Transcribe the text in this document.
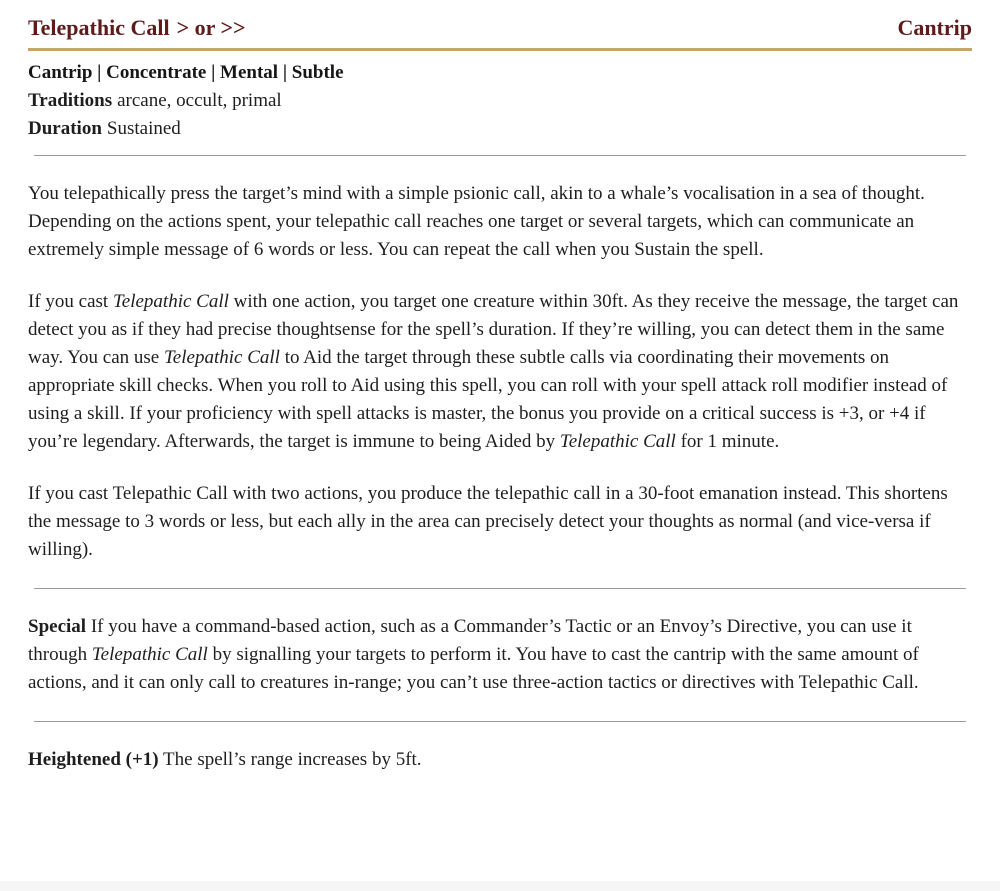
Telepathic Call > or >>	Cantrip
Cantrip | Concentrate | Mental | Subtle
Traditions arcane, occult, primal
Duration Sustained

You telepathically press the target’s mind with a simple psionic call, akin to a whale’s vocalisation in a sea of thought. Depending on the actions spent, your telepathic call reaches one target or several targets, which can communicate an extremely simple message of 6 words or less. You can repeat the call when you Sustain the spell.

If you cast Telepathic Call with one action, you target one creature within 30ft. As they receive the message, the target can detect you as if they had precise thoughtsense for the spell’s duration. If they’re willing, you can detect them in the same way. You can use Telepathic Call to Aid the target through these subtle calls via coordinating their movements on appropriate skill checks. When you roll to Aid using this spell, you can roll with your spell attack roll modifier instead of using a skill. If your proficiency with spell attacks is master, the bonus you provide on a critical success is +3, or +4 if you’re legendary. Afterwards, the target is immune to being Aided by Telepathic Call for 1 minute.

If you cast Telepathic Call with two actions, you produce the telepathic call in a 30-foot emanation instead. This shortens the message to 3 words or less, but each ally in the area can precisely detect your thoughts as normal (and vice-versa if willing).

Special If you have a command-based action, such as a Commander’s Tactic or an Envoy’s Directive, you can use it through Telepathic Call by signalling your targets to perform it. You have to cast the cantrip with the same amount of actions, and it can only call to creatures in-range; you can’t use three-action tactics or directives with Telepathic Call.

Heightened (+1) The spell’s range increases by 5ft.
